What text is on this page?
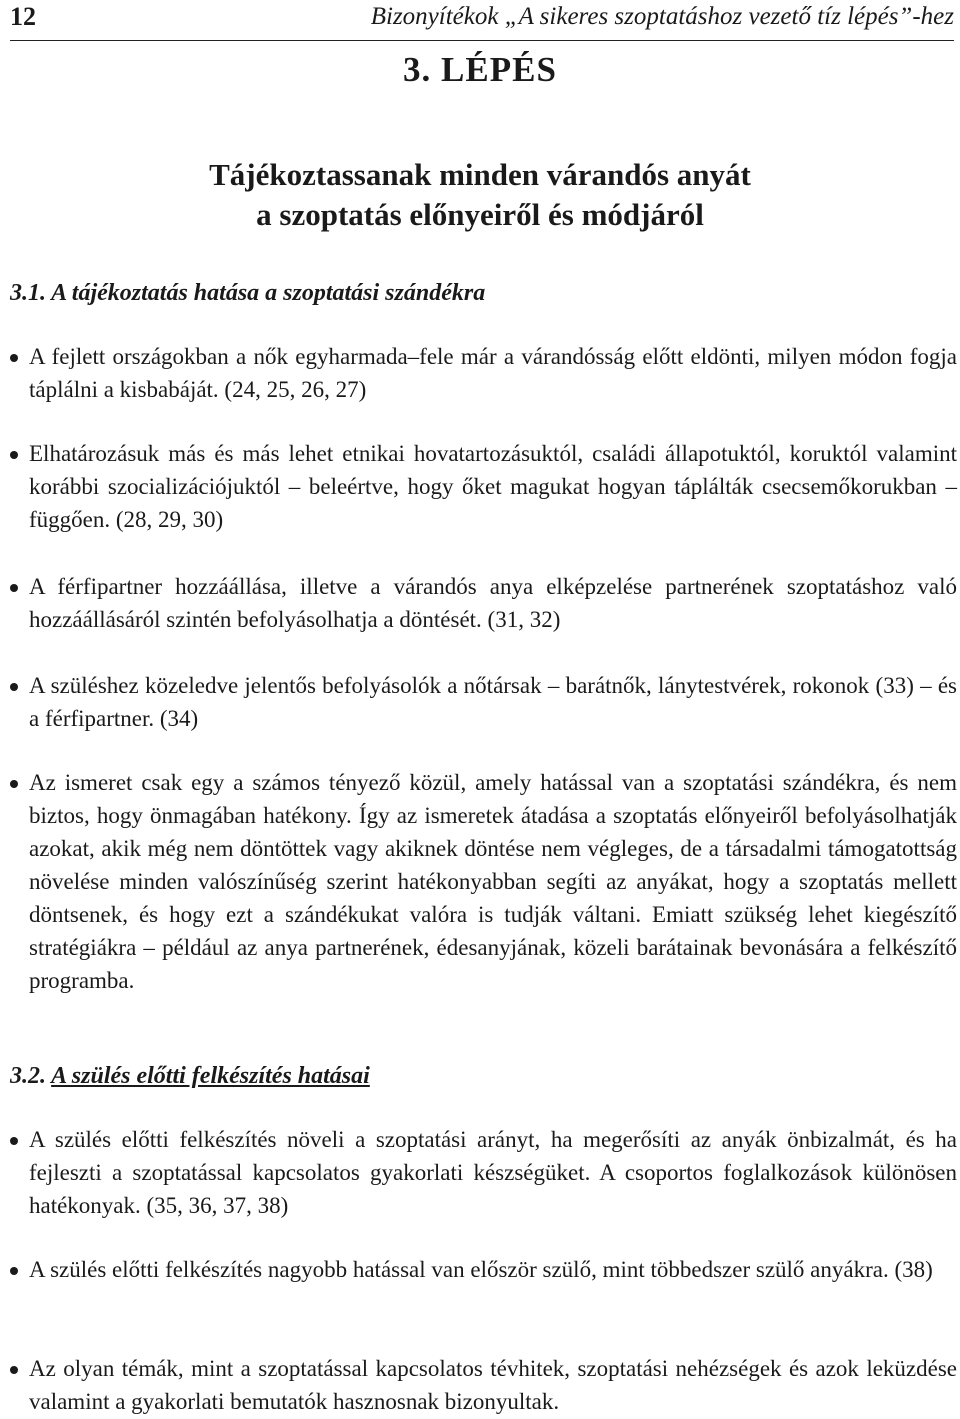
12	Bizonyítékok „A sikeres szoptatáshoz vezető tíz lépés”-hez
3. LÉPÉS
Tájékoztassanak minden várandós anyát
a szoptatás előnyeiről és módjáról
3.1. A tájékoztatás hatása a szoptatási szándékra
A fejlett országokban a nők egyharmada–fele már a várandósság előtt eldönti, milyen módon fogja táplálni a kisbabáját. (24, 25, 26, 27)
Elhatározásuk más és más lehet etnikai hovatartozásuktól, családi állapotuktól, koruktól valamint korábbi szocializációjuktól – beleértve, hogy őket magukat hogyan táplálták csecsemőkorukban – függően. (28, 29, 30)
A férfipartner hozzáállása, illetve a várandós anya elképzelése partnerének szoptatáshoz való hozzáállásáról szintén befolyásolhatja a döntését. (31, 32)
A szüléshez közeledve jelentős befolyásolók a nőtársak – barátnők, lánytestvérek, rokonok (33) – és a férfipartner. (34)
Az ismeret csak egy a számos tényező közül, amely hatással van a szoptatási szándékra, és nem biztos, hogy önmagában hatékony. Így az ismeretek átadása a szoptatás előnyeiről befolyásolhatják azokat, akik még nem döntöttek vagy akiknek döntése nem végleges, de a társadalmi támogatottság növelése minden valószínűség szerint hatékonyabban segíti az anyákat, hogy a szoptatás mellett döntsenek, és hogy ezt a szándékukat valóra is tudják váltani. Emiatt szükség lehet kiegészítő stratégiákra – például az anya partnerének, édesanyjának, közeli barátainak bevonására a felkészítő programba.
3.2. A szülés előtti felkészítés hatásai
A szülés előtti felkészítés növeli a szoptatási arányt, ha megerősíti az anyák önbizalmát, és ha fejleszti a szoptatással kapcsolatos gyakorlati készségüket. A csoportos foglalkozások különösen hatékonyak. (35, 36, 37, 38)
A szülés előtti felkészítés nagyobb hatással van először szülő, mint többedszer szülő anyákra. (38)
Az olyan témák, mint a szoptatással kapcsolatos tévhitek, szoptatási nehézségek és azok leküzdése valamint a gyakorlati bemutatók hasznosnak bizonyultak.
